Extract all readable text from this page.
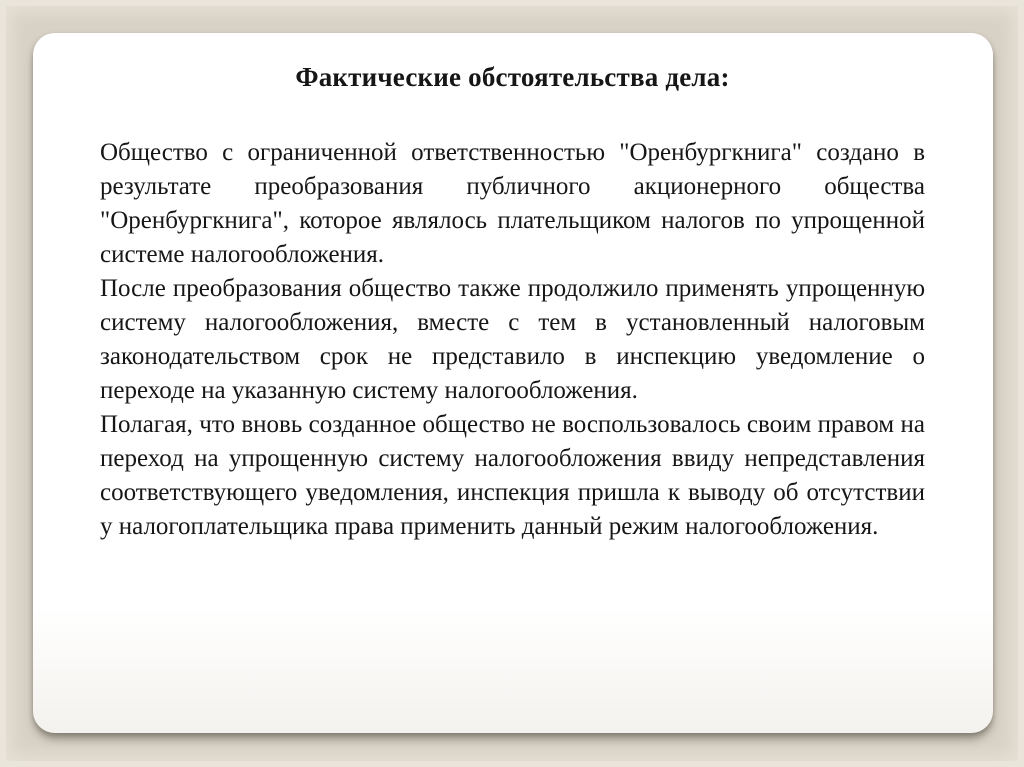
Фактические обстоятельства дела:

Общество с ограниченной ответственностью "Оренбургкнига" создано в результате преобразования публичного акционерного общества "Оренбургкнига", которое являлось плательщиком налогов по упрощенной системе налогообложения.

После преобразования общество также продолжило применять упрощенную систему налогообложения, вместе с тем в установленный налоговым законодательством срок не представило в инспекцию уведомление о переходе на указанную систему налогообложения.

Полагая, что вновь созданное общество не воспользовалось своим правом на переход на упрощенную систему налогообложения ввиду непредставления соответствующего уведомления, инспекция пришла к выводу об отсутствии у налогоплательщика права применить данный режим налогообложения.
